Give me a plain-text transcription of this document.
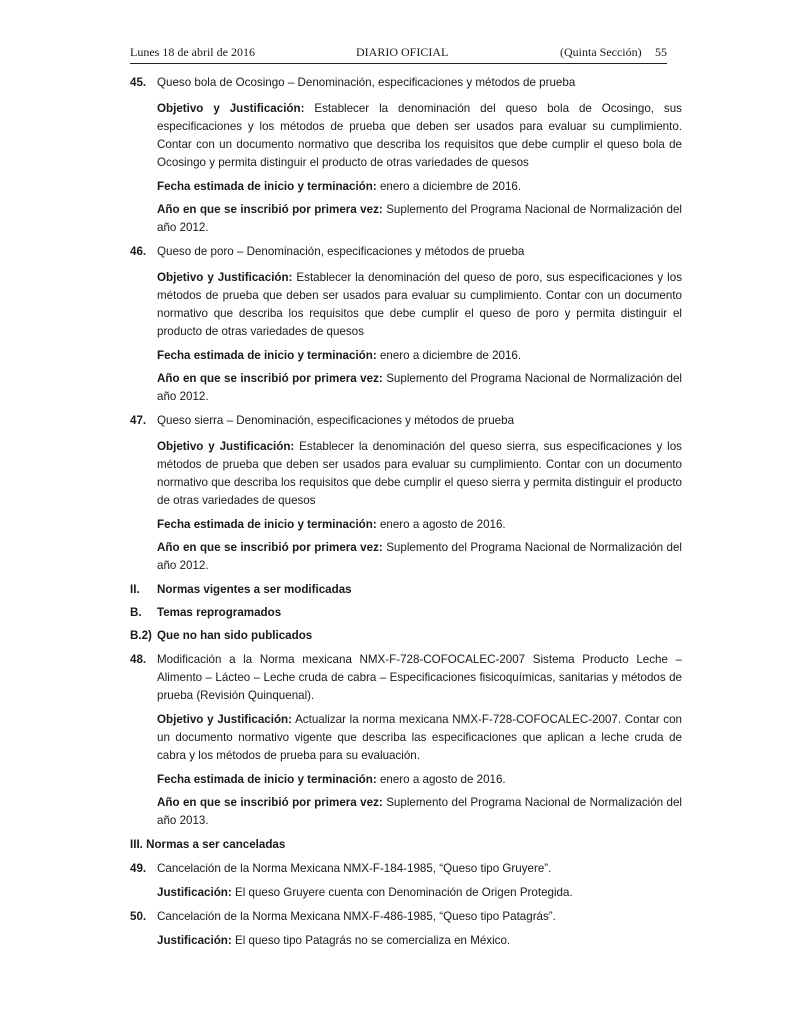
Lunes 18 de abril de 2016	DIARIO OFICIAL	(Quinta Sección) 55
45. Queso bola de Ocosingo – Denominación, especificaciones y métodos de prueba
Objetivo y Justificación: Establecer la denominación del queso bola de Ocosingo, sus especificaciones y los métodos de prueba que deben ser usados para evaluar su cumplimiento. Contar con un documento normativo que describa los requisitos que debe cumplir el queso bola de Ocosingo y permita distinguir el producto de otras variedades de quesos
Fecha estimada de inicio y terminación: enero a diciembre de 2016.
Año en que se inscribió por primera vez: Suplemento del Programa Nacional de Normalización del año 2012.
46. Queso de poro – Denominación, especificaciones y métodos de prueba
Objetivo y Justificación: Establecer la denominación del queso de poro, sus especificaciones y los métodos de prueba que deben ser usados para evaluar su cumplimiento. Contar con un documento normativo que describa los requisitos que debe cumplir el queso de poro y permita distinguir el producto de otras variedades de quesos
Fecha estimada de inicio y terminación: enero a diciembre de 2016.
Año en que se inscribió por primera vez: Suplemento del Programa Nacional de Normalización del año 2012.
47. Queso sierra – Denominación, especificaciones y métodos de prueba
Objetivo y Justificación: Establecer la denominación del queso sierra, sus especificaciones y los métodos de prueba que deben ser usados para evaluar su cumplimiento. Contar con un documento normativo que describa los requisitos que debe cumplir el queso sierra y permita distinguir el producto de otras variedades de quesos
Fecha estimada de inicio y terminación: enero a agosto de 2016.
Año en que se inscribió por primera vez: Suplemento del Programa Nacional de Normalización del año 2012.
II. Normas vigentes a ser modificadas
B. Temas reprogramados
B.2) Que no han sido publicados
48. Modificación a la Norma mexicana NMX-F-728-COFOCALEC-2007 Sistema Producto Leche – Alimento – Lácteo – Leche cruda de cabra – Especificaciones fisicoquímicas, sanitarias y métodos de prueba (Revisión Quinquenal).
Objetivo y Justificación: Actualizar la norma mexicana NMX-F-728-COFOCALEC-2007. Contar con un documento normativo vigente que describa las especificaciones que aplican a leche cruda de cabra y los métodos de prueba para su evaluación.
Fecha estimada de inicio y terminación: enero a agosto de 2016.
Año en que se inscribió por primera vez: Suplemento del Programa Nacional de Normalización del año 2013.
III. Normas a ser canceladas
49. Cancelación de la Norma Mexicana NMX-F-184-1985, “Queso tipo Gruyere”.
Justificación: El queso Gruyere cuenta con Denominación de Origen Protegida.
50. Cancelación de la Norma Mexicana NMX-F-486-1985, “Queso tipo Patagrás”.
Justificación: El queso tipo Patagrás no se comercializa en México.
